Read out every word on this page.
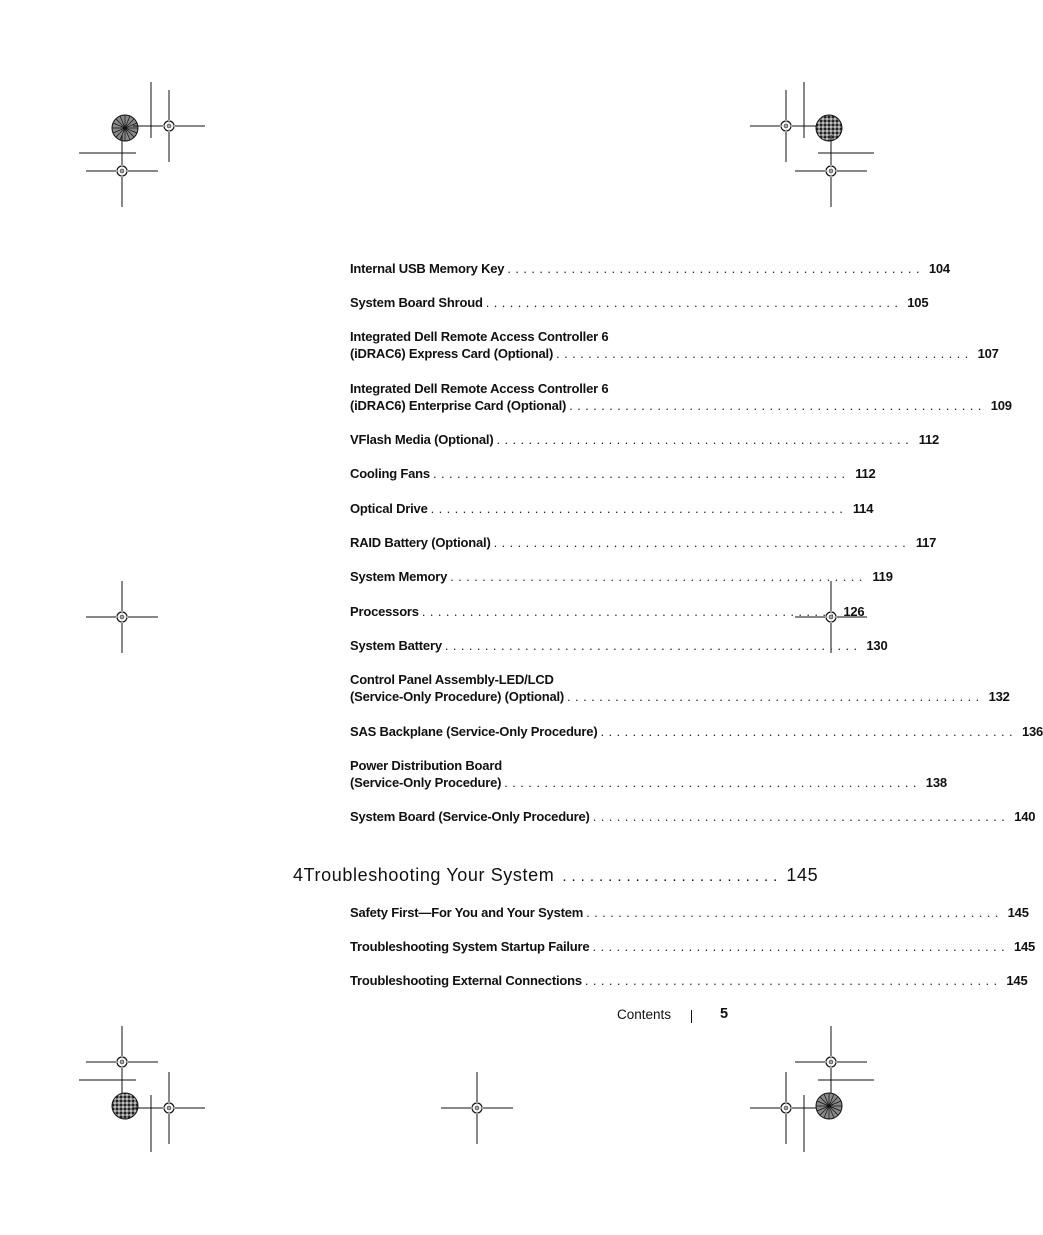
Internal USB Memory Key .................................................... 104
System Board Shroud .................................................... 105
Integrated Dell Remote Access Controller 6
(iDRAC6) Express Card (Optional) .................................................... 107
Integrated Dell Remote Access Controller 6
(iDRAC6) Enterprise Card (Optional) .................................................... 109
VFlash Media (Optional) .................................................... 112
Cooling Fans .................................................... 112
Optical Drive .................................................... 114
RAID Battery (Optional) .................................................... 117
System Memory .................................................... 119
Processors .................................................... 126
System Battery .................................................... 130
Control Panel Assembly-LED/LCD
(Service-Only Procedure) (Optional) .................................................... 132
SAS Backplane (Service-Only Procedure) .................................................... 136
Power Distribution Board
(Service-Only Procedure) .................................................... 138
System Board (Service-Only Procedure) .................................................... 140
4 Troubleshooting Your System ........................ 145
Safety First—For You and Your System .................................................... 145
Troubleshooting System Startup Failure .................................................... 145
Troubleshooting External Connections .................................................... 145
Contents	5
